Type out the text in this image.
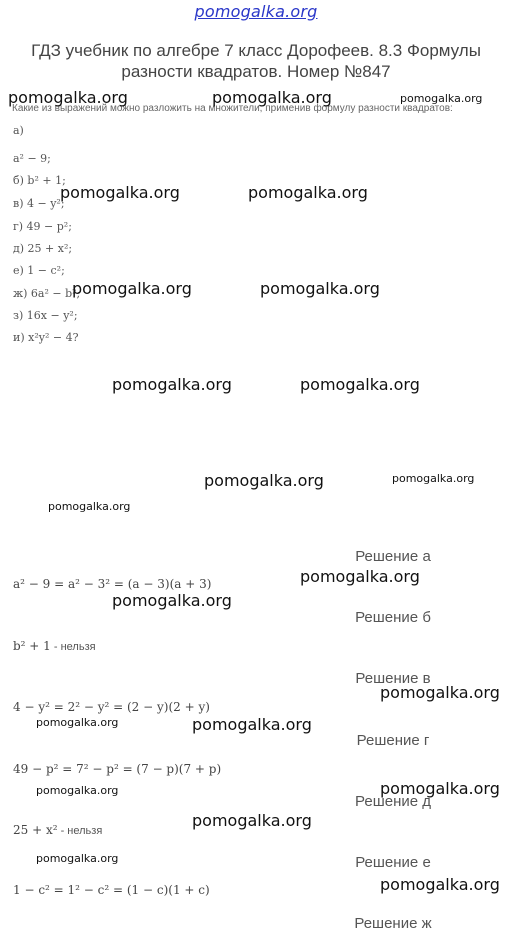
pomogalka.org
ГДЗ учебник по алгебре 7 класс Дорофеев. 8.3 Формулы разности квадратов. Номер №847
Какие из выражений можно разложить на множители, применив формулу разности квадратов:
а)
a² − 9;
б) b² + 1;
в) 4 − y²;
г) 49 − p²;
д) 25 + x²;
е) 1 − c²;
ж) 6a² − b²;
з) 16x − y²;
и) x²y² − 4?
Решение а
a² − 9 = a² − 3² = (a − 3)(a + 3)
Решение б
b² + 1 - нельзя
Решение в
4 − y² = 2² − y² = (2 − y)(2 + y)
Решение г
49 − p² = 7² − p² = (7 − p)(7 + p)
Решение д
25 + x² - нельзя
Решение е
1 − c² = 1² − c² = (1 − c)(1 + c)
Решение ж
pomogalka.org	pomogalka.org	pomogalka.org
pomogalka.org	pomogalka.org
pomogalka.org	pomogalka.org
pomogalka.org	pomogalka.org
pomogalka.org	pomogalka.org
pomogalka.org
pomogalka.org
pomogalka.org
pomogalka.org
pomogalka.org
pomogalka.org
pomogalka.org
pomogalka.org
pomogalka.org
pomogalka.org
pomogalka.org
